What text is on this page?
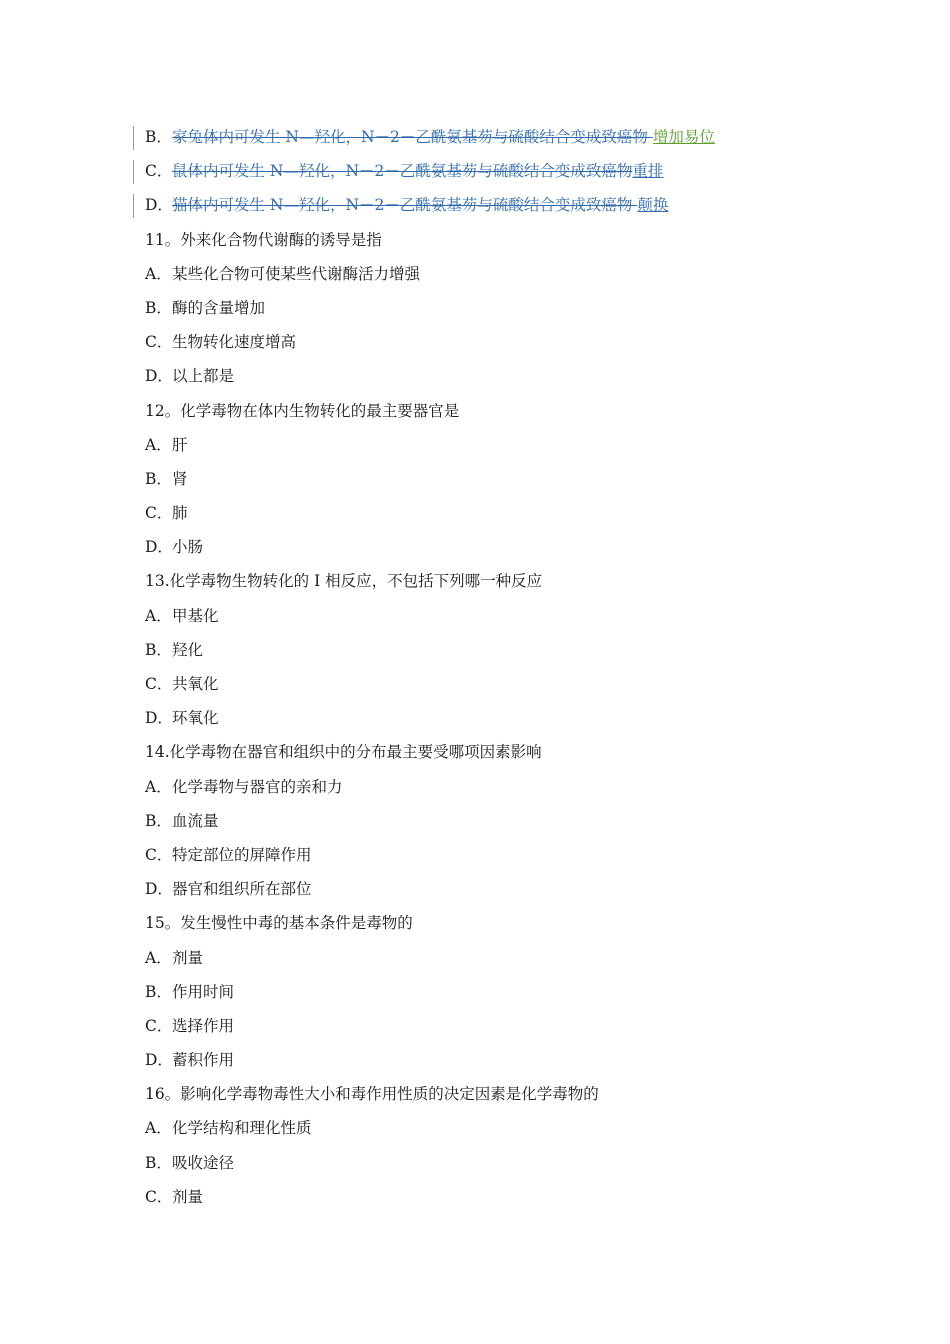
B．家兔体内可发生 N—羟化，N－2－乙酰氨基芴与硫酸结合变成致癌物 增加易位
C．鼠体内可发生 N—羟化，N－2－乙酰氨基芴与硫酸结合变成致癌物重排
D．猫体内可发生 N—羟化，N－2－乙酰氨基芴与硫酸结合变成致癌物 颠换
11。外来化合物代谢酶的诱导是指
A．某些化合物可使某些代谢酶活力增强
B．酶的含量增加
C．生物转化速度增高
D．以上都是
12。化学毒物在体内生物转化的最主要器官是
A．肝
B．肾
C．肺
D．小肠
13.化学毒物生物转化的 I 相反应，不包括下列哪一种反应
A．甲基化
B．羟化
C．共氧化
D．环氧化
14.化学毒物在器官和组织中的分布最主要受哪项因素影响
A．化学毒物与器官的亲和力
B．血流量
C．特定部位的屏障作用
D．器官和组织所在部位
15。发生慢性中毒的基本条件是毒物的
A．剂量
B．作用时间
C．选择作用
D．蓄积作用
16。影响化学毒物毒性大小和毒作用性质的决定因素是化学毒物的
A．化学结构和理化性质
B．吸收途径
C．剂量
